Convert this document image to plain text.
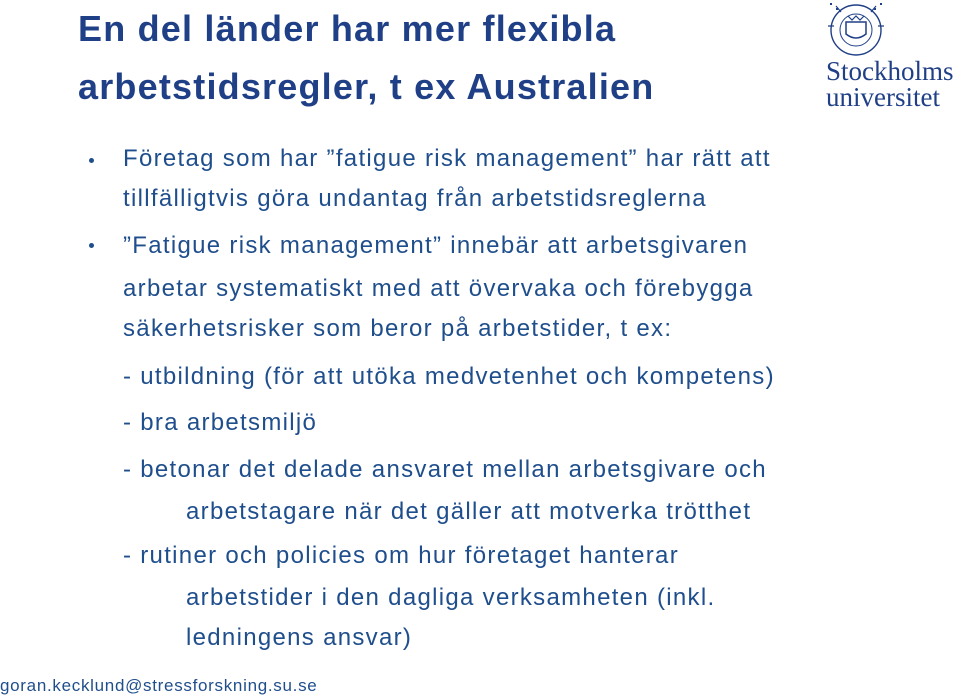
En del länder har mer flexibla
arbetstidsregler, t ex Australien	Stockholms
universitet
Företag som har ”fatigue risk management” har rätt att
tillfälligtvis göra undantag från arbetstidsreglerna
”Fatigue risk management” innebär att arbetsgivaren
arbetar systematiskt med att övervaka och förebygga
säkerhetsrisker som beror på arbetstider, t ex:
- utbildning (för att utöka medvetenhet och kompetens)
- bra arbetsmiljö
- betonar det delade ansvaret mellan arbetsgivare och
arbetstagare när det gäller att motverka trötthet
- rutiner och policies om hur företaget hanterar
arbetstider i den dagliga verksamheten (inkl.
ledningens ansvar)
goran.kecklund@stressforskning.su.se
